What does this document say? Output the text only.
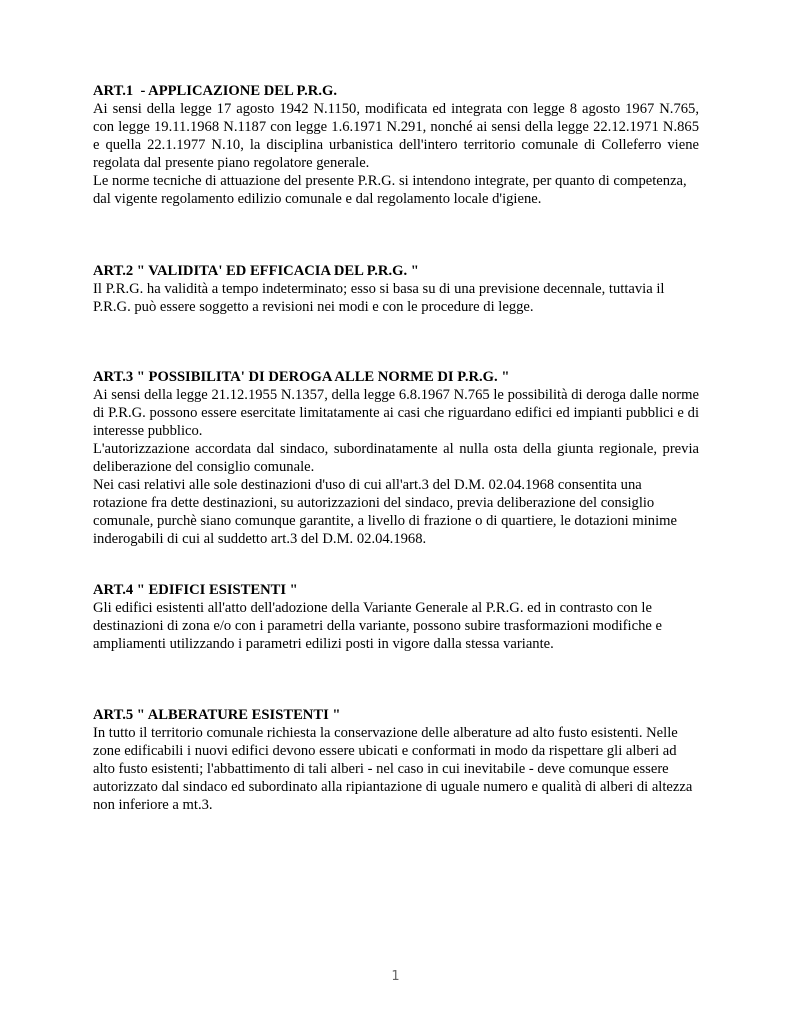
ART.1  - APPLICAZIONE DEL P.R.G.

Ai sensi della legge 17 agosto 1942 N.1150, modificata ed integrata con legge 8 agosto 1967 N.765, con legge 19.11.1968 N.1187 con legge 1.6.1971 N.291, nonché ai sensi della legge 22.12.1971 N.865 e quella 22.1.1977 N.10, la disciplina urbanistica dell'intero territorio comunale di Colleferro viene regolata dal presente piano regolatore generale.

Le norme tecniche di attuazione del presente P.R.G. si intendono integrate, per quanto di competenza, dal vigente regolamento edilizio comunale e dal regolamento locale d'igiene.

ART.2 " VALIDITA' ED EFFICACIA DEL P.R.G. "

Il P.R.G. ha validità a tempo indeterminato; esso si basa su di una previsione decennale, tuttavia il P.R.G. può essere soggetto a revisioni nei modi e con le procedure di legge.

ART.3 " POSSIBILITA' DI DEROGA ALLE NORME DI P.R.G. "

Ai sensi della legge 21.12.1955 N.1357, della legge 6.8.1967 N.765 le possibilità di deroga dalle norme di P.R.G. possono essere esercitate limitatamente ai casi che riguardano edifici ed impianti pubblici e di interesse pubblico.

L'autorizzazione accordata dal sindaco, subordinatamente al nulla osta della giunta regionale, previa deliberazione del consiglio comunale.

Nei casi relativi alle sole destinazioni d'uso di cui all'art.3 del D.M. 02.04.1968 consentita una rotazione fra dette destinazioni, su autorizzazioni del sindaco, previa deliberazione del consiglio comunale, purchè siano comunque garantite, a livello di frazione o di quartiere, le dotazioni minime inderogabili di cui al suddetto art.3 del D.M. 02.04.1968.

ART.4 " EDIFICI ESISTENTI "

Gli edifici esistenti all'atto dell'adozione della Variante Generale al P.R.G. ed in contrasto con le destinazioni di zona e/o con i parametri della variante, possono subire trasformazioni modifiche e ampliamenti utilizzando i parametri edilizi posti in vigore dalla stessa variante.

ART.5 " ALBERATURE ESISTENTI "

In tutto il territorio comunale richiesta la conservazione delle alberature ad alto fusto esistenti. Nelle zone edificabili i nuovi edifici devono essere ubicati e conformati in modo da rispettare gli alberi ad alto fusto esistenti; l'abbattimento di tali alberi - nel caso in cui inevitabile - deve comunque essere autorizzato dal sindaco ed subordinato alla ripiantazione di uguale numero e qualità di alberi di altezza non inferiore a mt.3.

1
